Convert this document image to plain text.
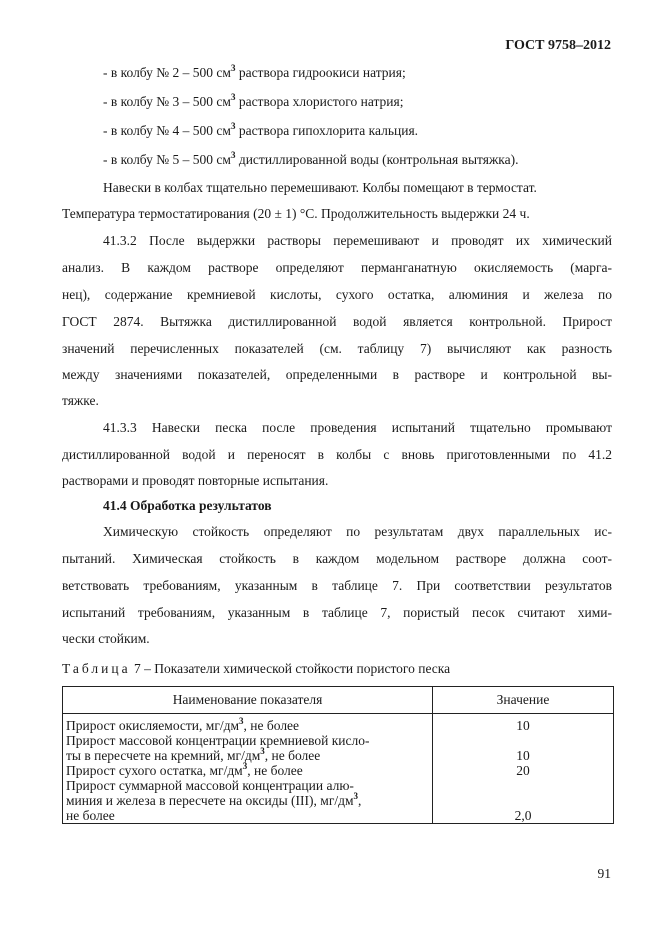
ГОСТ 9758–2012
- в колбу № 2 – 500 $см^3$ раствора гидроокиси натрия;
- в колбу № 3 – 500 $см^3$ раствора хлористого натрия;
- в колбу № 4 – 500 $см^3$ раствора гипохлорита кальция.
- в колбу № 5 – 500 $см^3$ дистиллированной воды (контрольная вытяжка).
Навески в колбах тщательно перемешивают. Колбы помещают в термостат.
Температура термостатирования (20 ± 1) °С. Продолжительность выдержки 24 ч.
41.3.2 После выдержки растворы перемешивают и проводят их химический
анализ. В каждом растворе определяют перманганатную окисляемость (марга-
нец), содержание кремниевой кислоты, сухого остатка, алюминия и железа по
ГОСТ 2874. Вытяжка дистиллированной водой является контрольной. Прирост
значений перечисленных показателей (см. таблицу 7) вычисляют как разность
между значениями показателей, определенными в растворе и контрольной вы-
тяжке.
41.3.3 Навески песка после проведения испытаний тщательно промывают
дистиллированной водой и переносят в колбы с вновь приготовленными по 41.2
растворами и проводят повторные испытания.
41.4 Обработка результатов
Химическую стойкость определяют по результатам двух параллельных ис-
пытаний. Химическая стойкость в каждом модельном растворе должна соот-
ветствовать требованиям, указанным в таблице 7. При соответствии результатов
испытаний требованиям, указанным в таблице 7, пористый песок считают хими-
чески стойким.
Таблица 7 – Показатели химической стойкости пористого песка
Наименование показателя	Значение
Прирост окисляемости, $мг/дм^3$, не более	10

Прирост массовой концентрации кремниевой кисло-
ты в пересчете на кремний, $мг/дм^3$, не более	10

Прирост сухого остатка, $мг/дм^3$, не более	20

Прирост суммарной массовой концентрации алю-
миния и железа в пересчете на оксиды (III), $мг/дм^3$,
не более	2,0
91
